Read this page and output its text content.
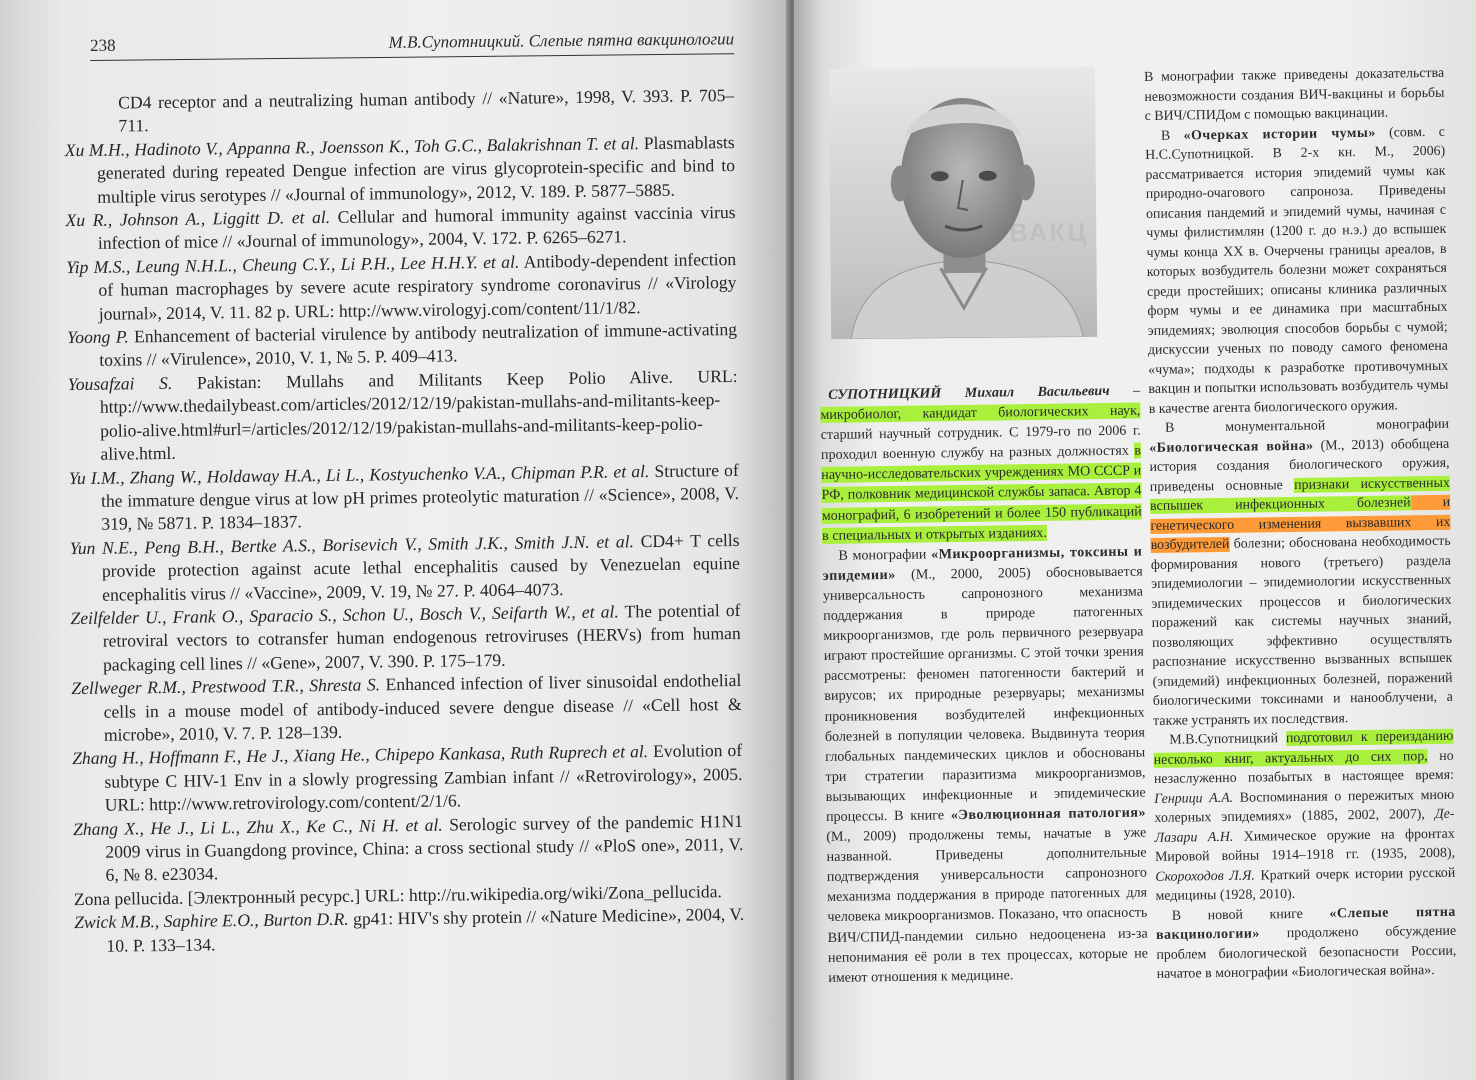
238	М.В.Супотницкий. Слепые пятна вакцинологии

CD4 receptor and a neutralizing human antibody // «Nature», 1998, V. 393. P. 705–711.

Xu M.H., Hadinoto V., Appanna R., Joensson K., Toh G.C., Balakrishnan T. et al. Plasmablasts generated during repeated Dengue infection are virus glycoprotein-specific and bind to multiple virus serotypes // «Journal of immunology», 2012, V. 189. P. 5877–5885.

Xu R., Johnson A., Liggitt D. et al. Cellular and humoral immunity against vaccinia virus infection of mice // «Journal of immunology», 2004, V. 172. P. 6265–6271.

Yip M.S., Leung N.H.L., Cheung C.Y., Li P.H., Lee H.H.Y. et al. Antibody-dependent infection of human macrophages by severe acute respiratory syndrome coronavirus // «Virology journal», 2014, V. 11. 82 p. URL: http://www.virologyj.com/content/11/1/82.

Yoong P. Enhancement of bacterial virulence by antibody neutralization of immune-activating toxins // «Virulence», 2010, V. 1, № 5. P. 409–413.

Yousafzai S. Pakistan: Mullahs and Militants Keep Polio Alive. URL: http://www.thedailybeast.com/articles/2012/12/19/pakistan-mullahs-and-militants-keep-polio-alive.html#url=/articles/2012/12/19/pakistan-mullahs-and-militants-keep-polio-alive.html.

Yu I.M., Zhang W., Holdaway H.A., Li L., Kostyuchenko V.A., Chipman P.R. et al. Structure of the immature dengue virus at low pH primes proteolytic maturation // «Science», 2008, V. 319, № 5871. P. 1834–1837.

Yun N.E., Peng B.H., Bertke A.S., Borisevich V., Smith J.K., Smith J.N. et al. CD4+ T cells provide protection against acute lethal encephalitis caused by Venezuelan equine encephalitis virus // «Vaccine», 2009, V. 19, № 27. P. 4064–4073.

Zeilfelder U., Frank O., Sparacio S., Schon U., Bosch V., Seifarth W., et al. The potential of retroviral vectors to cotransfer human endogenous retroviruses (HERVs) from human packaging cell lines // «Gene», 2007, V. 390. P. 175–179.

Zellweger R.M., Prestwood T.R., Shresta S. Enhanced infection of liver sinusoidal endothelial cells in a mouse model of antibody-induced severe dengue disease // «Cell host & microbe», 2010, V. 7. P. 128–139.

Zhang H., Hoffmann F., He J., Xiang He., Chipepo Kankasa, Ruth Ruprech et al. Evolution of subtype C HIV-1 Env in a slowly progressing Zambian infant // «Retrovirology», 2005. URL: http://www.retrovirology.com/content/2/1/6.

Zhang X., He J., Li L., Zhu X., Ke C., Ni H. et al. Serologic survey of the pandemic H1N1 2009 virus in Guangdong province, China: a cross sectional study // «PloS one», 2011, V. 6, № 8. e23034.

Zona pellucida. [Электронный ресурс.] URL: http://ru.wikipedia.org/wiki/Zona_pellucida.

Zwick M.B., Saphire E.O., Burton D.R. gp41: HIV's shy protein // «Nature Medicine», 2004, V. 10. P. 133–134.

ВАКЦ

СУПОТНИЦКИЙ Михаил Васильевич – микробиолог, кандидат биологических наук, старший научный сотрудник. С 1979-го по 2006 г. проходил военную службу на разных должностях в научно-исследовательских учреждениях МО СССР и РФ, полковник медицинской службы запаса. Автор 4 монографий, 6 изобретений и более 150 публикаций в специальных и открытых изданиях.

В монографии «Микроорганизмы, токсины и эпидемии» (М., 2000, 2005) обосновывается универсальность сапронозного механизма поддержания в природе патогенных микроорганизмов, где роль первичного резервуара играют простейшие организмы. С этой точки зрения рассмотрены: феномен патогенности бактерий и вирусов; их природные резервуары; механизмы проникновения возбудителей инфекционных болезней в популяции человека. Выдвинута теория глобальных пандемических циклов и обоснованы три стратегии паразитизма микроорганизмов, вызывающих инфекционные и эпидемические процессы. В книге «Эволюционная патология» (М., 2009) продолжены темы, начатые в уже названной. Приведены дополнительные подтверждения универсальности сапронозного механизма поддержания в природе патогенных для человека микроорганизмов. Показано, что опасность ВИЧ/СПИД-пандемии сильно недооценена из-за непонимания её роли в тех процессах, которые не имеют отношения к медицине.

В монографии также приведены доказательства невозможности создания ВИЧ-вакцины и борьбы с ВИЧ/СПИДом с помощью вакцинации.

В «Очерках истории чумы» (совм. с Н.С.Супотницкой. В 2-х кн. М., 2006) рассматривается история эпидемий чумы как природно-очагового сапроноза. Приведены описания пандемий и эпидемий чумы, начиная с чумы филистимлян (1200 г. до н.э.) до вспышек чумы конца XX в. Очерчены границы ареалов, в которых возбудитель болезни может сохраняться среди простейших; описаны клиника различных форм чумы и ее динамика при масштабных эпидемиях; эволюция способов борьбы с чумой; дискуссии ученых по поводу самого феномена «чума»; подходы к разработке противочумных вакцин и попытки использовать возбудитель чумы в качестве агента биологического оружия.

В монументальной монографии «Биологическая война» (М., 2013) обобщена история создания биологического оружия, приведены основные признаки искусственных вспышек инфекционных болезней и генетического изменения вызвавших их возбудителей болезни; обоснована необходимость формирования нового (третьего) раздела эпидемиологии – эпидемиологии искусственных эпидемических процессов и биологических поражений как системы научных знаний, позволяющих эффективно осуществлять распознание искусственно вызванных вспышек (эпидемий) инфекционных болезней, поражений биологическими токсинами и нанооблучени, а также устранять их последствия.

М.В.Супотницкий подготовил к переизданию несколько книг, актуальных до сих пор, но незаслуженно позабытых в настоящее время: Генрици А.А. Воспоминания о пережитых мною холерных эпидемиях» (1885, 2002, 2007), Де-Лазари А.Н. Химическое оружие на фронтах Мировой войны 1914–1918 гг. (1935, 2008), Скороходов Л.Я. Краткий очерк истории русской медицины (1928, 2010).

В новой книге «Слепые пятна вакцинологии» продолжено обсуждение проблем биологической безопасности России, начатое в монографии «Биологическая война».
